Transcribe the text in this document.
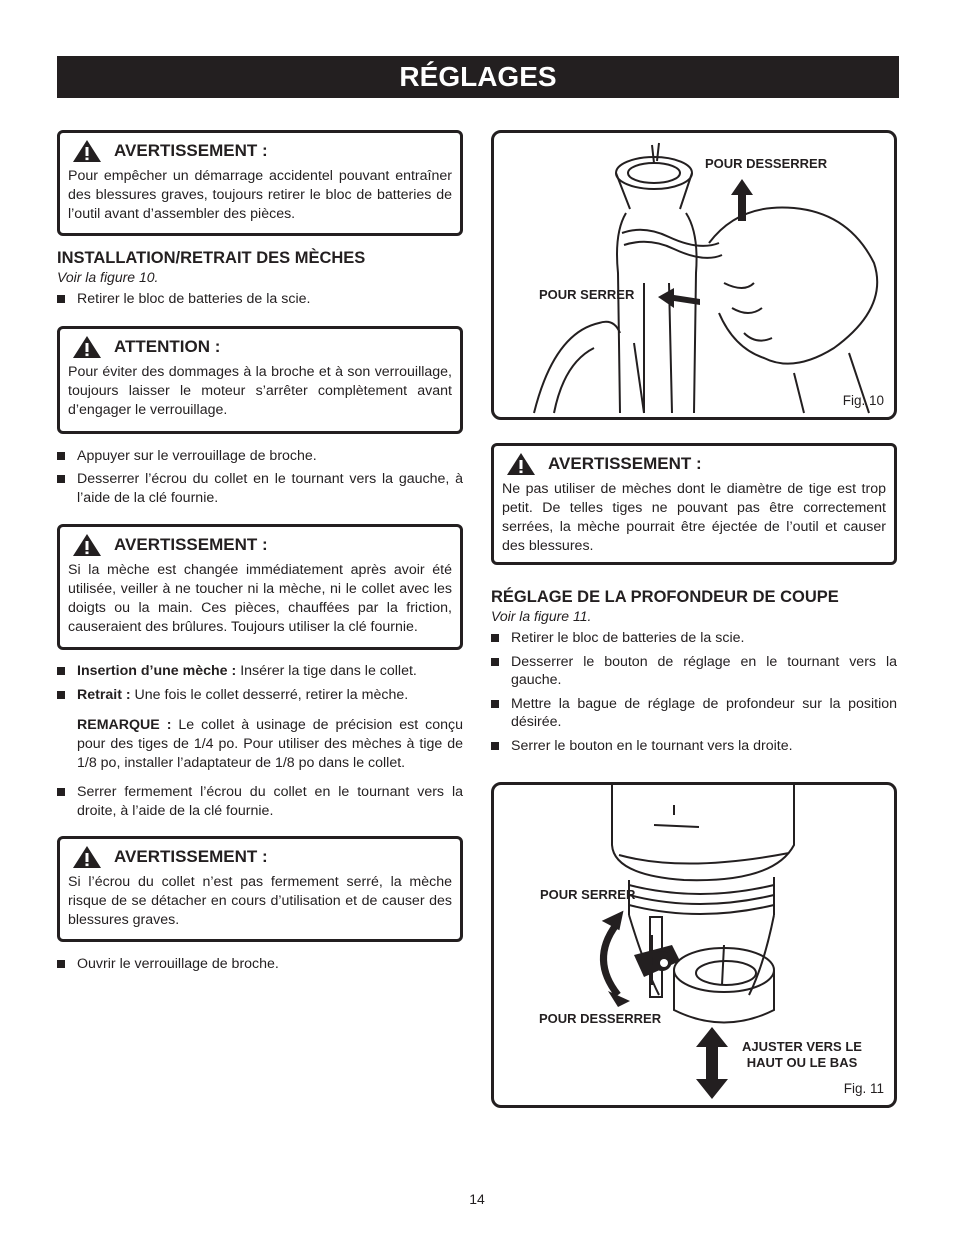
RÉGLAGES
AVERTISSEMENT :
Pour empêcher un démarrage accidentel pouvant entraîner des blessures graves, toujours retirer le bloc de batteries de l’outil avant d’assembler des pièces.
INSTALLATION/RETRAIT DES MÈCHES
Voir la figure 10.
Retirer le bloc de batteries de la scie.
ATTENTION :
Pour éviter des dommages à la broche et à son verrouillage, toujours laisser le moteur s’arrêter complètement avant d’engager le verrouillage.
Appuyer sur le verrouillage de broche.
Desserrer l’écrou du collet en le tournant vers la gauche, à l’aide de la clé fournie.
AVERTISSEMENT :
Si la mèche est changée immédiatement après avoir été utilisée, veiller à ne toucher ni la mèche, ni le collet avec les doigts ou la main. Ces pièces, chauffées par la friction, causeraient des brûlures. Toujours utiliser la clé fournie.
Insertion d’une mèche : Insérer la tige dans le collet.
Retrait : Une fois le collet desserré, retirer la mèche.
REMARQUE : Le collet à usinage de précision est conçu pour des tiges de 1/4 po. Pour utiliser des mèches à tige de 1/8 po, installer l’adaptateur de 1/8 po dans le collet.
Serrer fermement l’écrou du collet en le tournant vers la droite, à l’aide de la clé fournie.
AVERTISSEMENT :
Si l’écrou du collet n’est pas fermement serré, la mèche risque de se détacher en cours d’utilisation et de causer des blessures graves.
Ouvrir le verrouillage de broche.
POUR DESSERRER
POUR SERRER
Fig. 10
AVERTISSEMENT :
Ne pas utiliser de mèches dont le diamètre de tige est trop petit. De telles tiges ne pouvant pas être correctement serrées, la mèche pourrait être éjectée de l’outil et causer des blessures.
RÉGLAGE DE LA PROFONDEUR DE COUPE
Voir la figure 11.
Retirer le bloc de batteries de la scie.
Desserrer le bouton de réglage en le tournant vers la gauche.
Mettre la bague de réglage de profondeur sur la position désirée.
Serrer le bouton en le tournant vers la droite.
POUR SERRER
POUR DESSERRER
AJUSTER VERS LE HAUT OU LE BAS
Fig. 11
14
